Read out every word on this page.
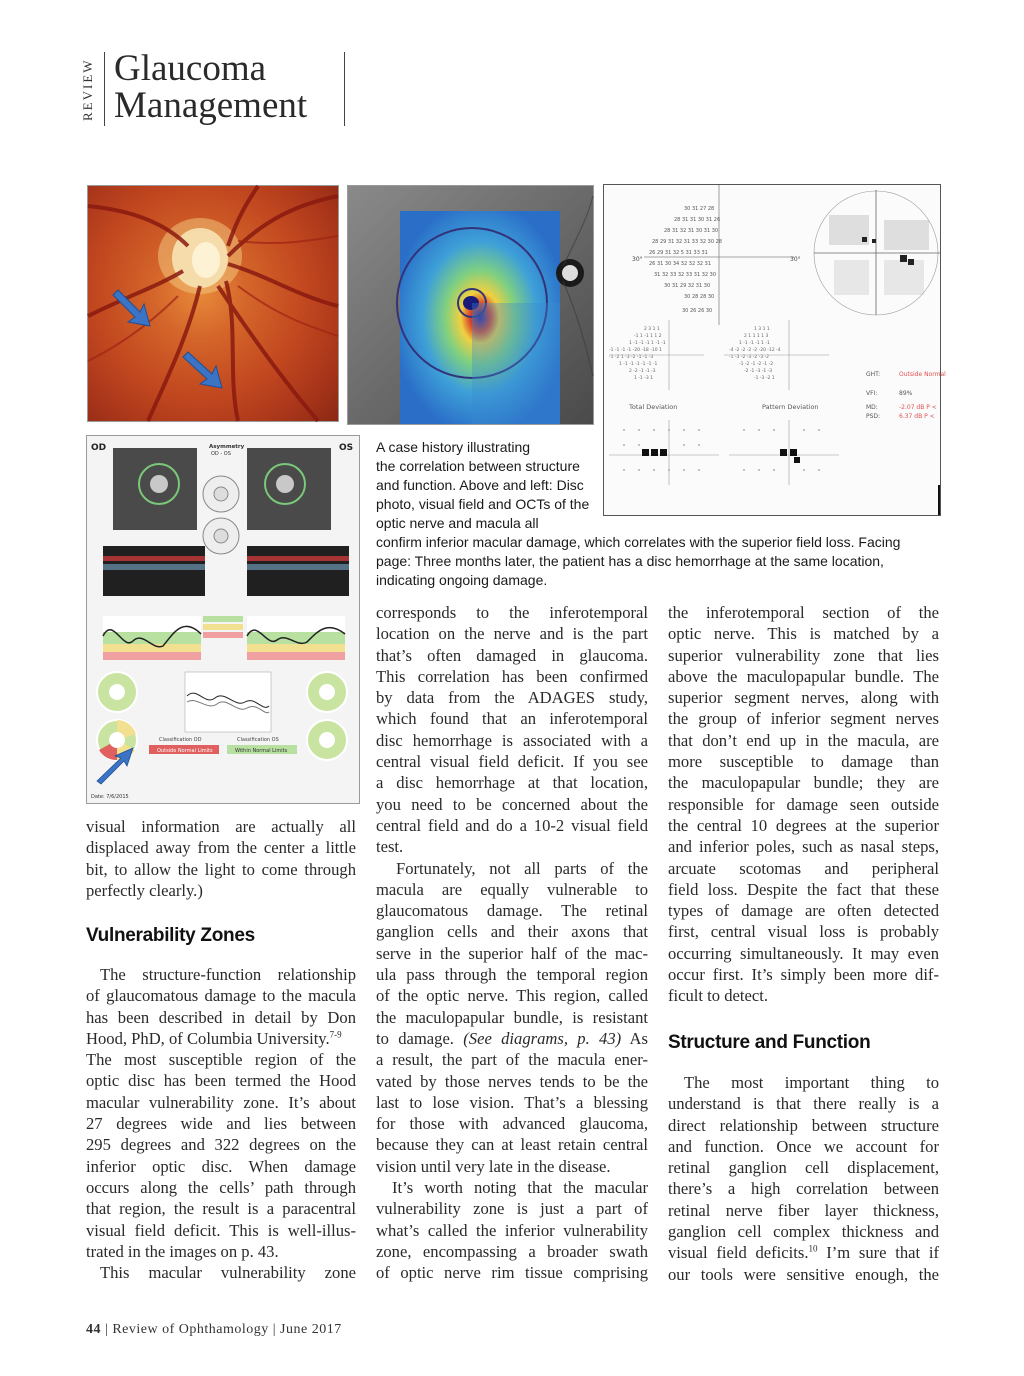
REVIEW Glaucoma
Management
30 31 27 28
28 31 31 30 31 26
28 31 32 31 30 31 30
28 29 31 32 31 33 32 30 28
26 29 31 32 5 31 33 31
26 31 30 34 32 32 32 31
31 32 33 32 33 31 32 30
30 31 29 32 31 30
30 28 28 30
30 26 26 30
30°	30°
2 3 1 1
-1 1 -1 1 1 2
1 -1 -1 -1 1 -1 -1
-1 -1 -1 -1 -20 -18 -10 1
-1 -2 1 -3 -2 -1 -1 -3
1 -1 -1 -1 -1 -1 -1
2 -2 -1 -1 -3
1 -1 -3 1
1 3 1 1
2 1 1 1 1 3
1 -1 -1 -1 1 -1
-4 -2 -2 -2 -2 -20 -12 -4
-1 -3 -2 -3 -2 -3 -2
-1 -2 -1 -2 -1 -2
-2 -1 -3 -1 -3
-1 -3 -2 1
Total Deviation	Pattern Deviation
GHT:	Outside Normal
VFI:	89%
MD:	-2.07 dB P <
PSD:	6.37 dB P <
OD	OS
Asymmetry
OD - OS
Outside Normal Limits
Classification OD
Within Normal Limits
Classification OS
Date: 7/6/2015
A case history illustrating
the correlation between structure
and function. Above and left: Disc
photo, visual field and OCTs of the
optic nerve and macula all
confirm inferior macular damage, which correlates with the superior field loss. Facing
page: Three months later, the patient has a disc hemorrhage at the same location,
indicating ongoing damage.
visual information are actually all
displaced away from the center a little
bit, to allow the light to come through
perfectly clearly.)
Vulnerability Zones
The structure-function relationship
of glaucomatous damage to the macula
has been described in detail by Don
Hood, PhD, of Columbia University.$^{7-9}$
The most susceptible region of the
optic disc has been termed the Hood
macular vulnerability zone. It’s about
27 degrees wide and lies between
295 degrees and 322 degrees on the
inferior optic disc. When damage
occurs along the cells’ path through
that region, the result is a paracentral
visual field deficit. This is well-illus-
trated in the images on p. 43.
This macular vulnerability zone
corresponds to the inferotemporal
location on the nerve and is the part
that’s often damaged in glaucoma.
This correlation has been confirmed
by data from the ADAGES study,
which found that an inferotemporal
disc hemorrhage is associated with a
central visual field deficit. If you see
a disc hemorrhage at that location,
you need to be concerned about the
central field and do a 10-2 visual field
test.
Fortunately, not all parts of the
macula are equally vulnerable to
glaucomatous damage. The retinal
ganglion cells and their axons that
serve in the superior half of the mac-
ula pass through the temporal region
of the optic nerve. This region, called
the maculopapular bundle, is resistant
to damage. (See diagrams, p. 43) As
a result, the part of the macula ener-
vated by those nerves tends to be the
last to lose vision. That’s a blessing
for those with advanced glaucoma,
because they can at least retain central
vision until very late in the disease.
It’s worth noting that the macular
vulnerability zone is just a part of
what’s called the inferior vulnerability
zone, encompassing a broader swath
of optic nerve rim tissue comprising
the inferotemporal section of the
optic nerve. This is matched by a
superior vulnerability zone that lies
above the maculopapular bundle. The
superior segment nerves, along with
the group of inferior segment nerves
that don’t end up in the macula, are
more susceptible to damage than
the maculopapular bundle; they are
responsible for damage seen outside
the central 10 degrees at the superior
and inferior poles, such as nasal steps,
arcuate scotomas and peripheral
field loss. Despite the fact that these
types of damage are often detected
first, central visual loss is probably
occurring simultaneously. It may even
occur first. It’s simply been more dif-
ficult to detect.
Structure and Function
The most important thing to
understand is that there really is a
direct relationship between structure
and function. Once we account for
retinal ganglion cell displacement,
there’s a high correlation between
retinal nerve fiber layer thickness,
ganglion cell complex thickness and
visual field deficits.$^{10}$ I’m sure that if
our tools were sensitive enough, the
44 | Review of Ophthamology | June 2017
